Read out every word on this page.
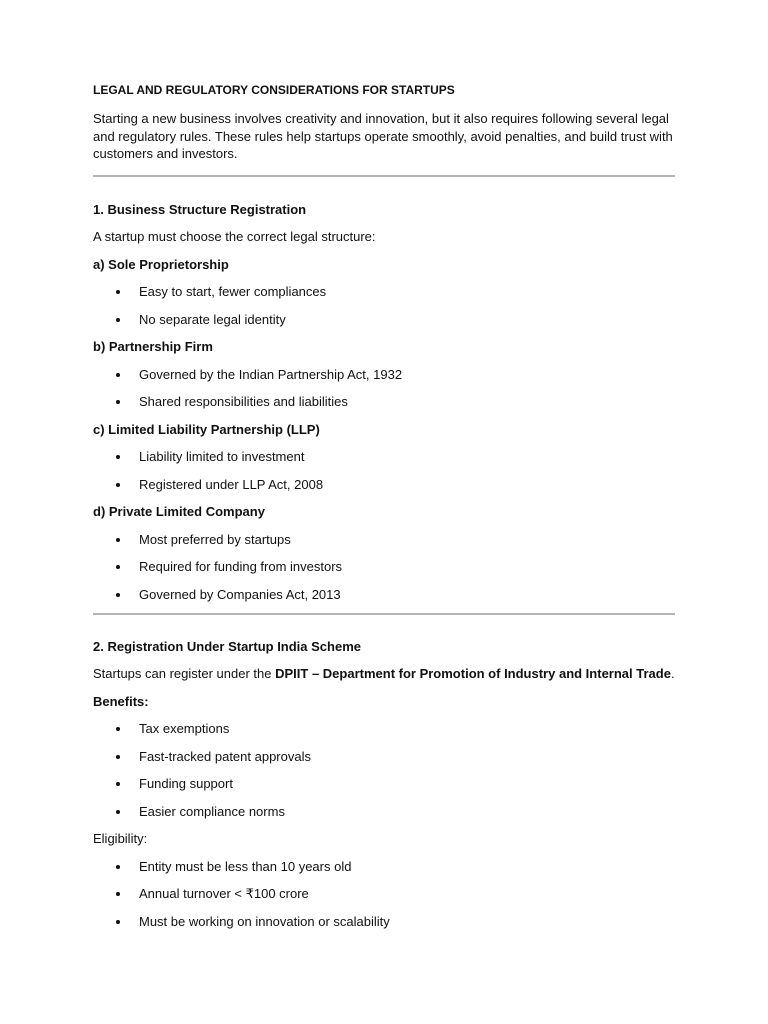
LEGAL AND REGULATORY CONSIDERATIONS FOR STARTUPS

Starting a new business involves creativity and innovation, but it also requires following several legal and regulatory rules. These rules help startups operate smoothly, avoid penalties, and build trust with customers and investors.

1. Business Structure Registration

A startup must choose the correct legal structure:

a) Sole Proprietorship

Easy to start, fewer compliances
No separate legal identity

b) Partnership Firm

Governed by the Indian Partnership Act, 1932
Shared responsibilities and liabilities

c) Limited Liability Partnership (LLP)

Liability limited to investment
Registered under LLP Act, 2008

d) Private Limited Company

Most preferred by startups
Required for funding from investors
Governed by Companies Act, 2013

2. Registration Under Startup India Scheme

Startups can register under the DPIIT – Department for Promotion of Industry and Internal Trade.

Benefits:

Tax exemptions
Fast-tracked patent approvals
Funding support
Easier compliance norms

Eligibility:

Entity must be less than 10 years old
Annual turnover < ₹100 crore
Must be working on innovation or scalability
